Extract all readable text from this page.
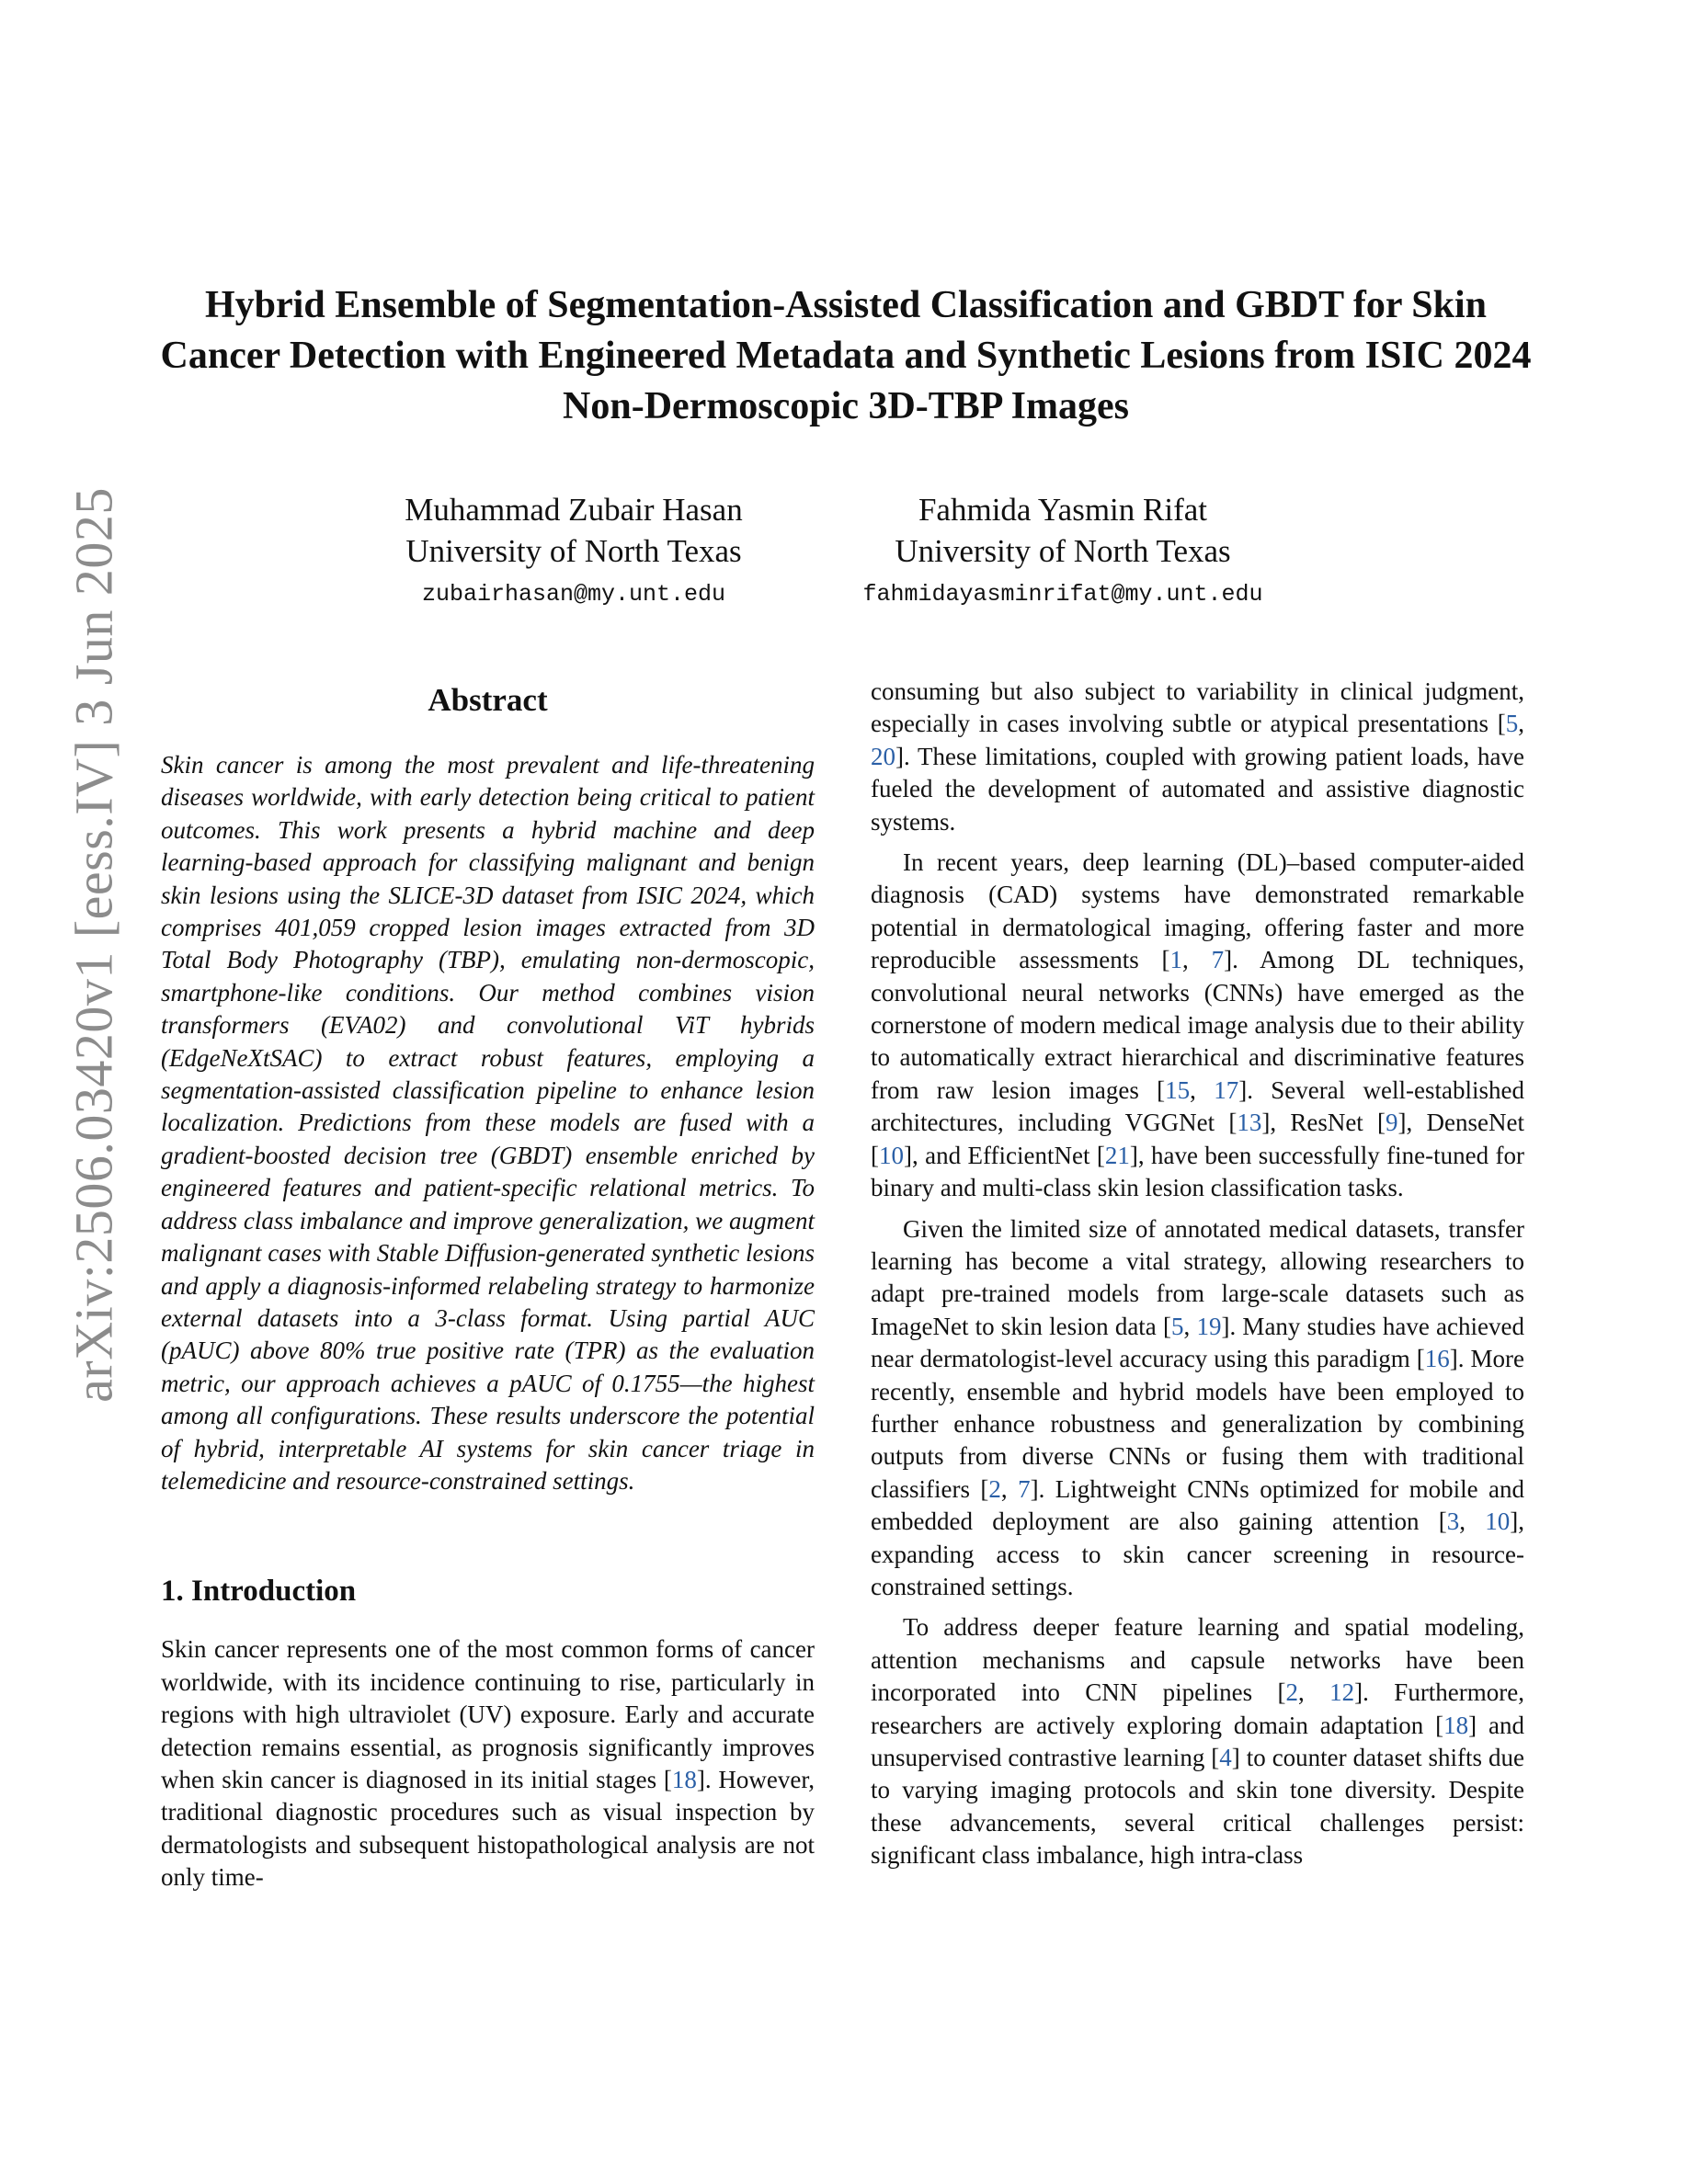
arXiv:2506.03420v1 [eess.IV] 3 Jun 2025
Hybrid Ensemble of Segmentation-Assisted Classification and GBDT for Skin Cancer Detection with Engineered Metadata and Synthetic Lesions from ISIC 2024 Non-Dermoscopic 3D-TBP Images
Muhammad Zubair Hasan
University of North Texas
zubairhasan@my.unt.edu
Fahmida Yasmin Rifat
University of North Texas
fahmidayasminrifat@my.unt.edu
Abstract

Skin cancer is among the most prevalent and life-threatening diseases worldwide, with early detection being critical to patient outcomes. This work presents a hybrid machine and deep learning-based approach for classifying malignant and benign skin lesions using the SLICE-3D dataset from ISIC 2024, which comprises 401,059 cropped lesion images extracted from 3D Total Body Photography (TBP), emulating non-dermoscopic, smartphone-like conditions. Our method combines vision transformers (EVA02) and convolutional ViT hybrids (EdgeNeXtSAC) to extract robust features, employing a segmentation-assisted classification pipeline to enhance lesion localization. Predictions from these models are fused with a gradient-boosted decision tree (GBDT) ensemble enriched by engineered features and patient-specific relational metrics. To address class imbalance and improve generalization, we augment malignant cases with Stable Diffusion-generated synthetic lesions and apply a diagnosis-informed relabeling strategy to harmonize external datasets into a 3-class format. Using partial AUC (pAUC) above 80% true positive rate (TPR) as the evaluation metric, our approach achieves a pAUC of 0.1755—the highest among all configurations. These results underscore the potential of hybrid, interpretable AI systems for skin cancer triage in telemedicine and resource-constrained settings.

1. Introduction

Skin cancer represents one of the most common forms of cancer worldwide, with its incidence continuing to rise, particularly in regions with high ultraviolet (UV) exposure. Early and accurate detection remains essential, as prognosis significantly improves when skin cancer is diagnosed in its initial stages [18]. However, traditional diagnostic procedures such as visual inspection by dermatologists and subsequent histopathological analysis are not only time-

consuming but also subject to variability in clinical judgment, especially in cases involving subtle or atypical presentations [5, 20]. These limitations, coupled with growing patient loads, have fueled the development of automated and assistive diagnostic systems.

In recent years, deep learning (DL)–based computer-aided diagnosis (CAD) systems have demonstrated remarkable potential in dermatological imaging, offering faster and more reproducible assessments [1, 7]. Among DL techniques, convolutional neural networks (CNNs) have emerged as the cornerstone of modern medical image analysis due to their ability to automatically extract hierarchical and discriminative features from raw lesion images [15, 17]. Several well-established architectures, including VGGNet [13], ResNet [9], DenseNet [10], and EfficientNet [21], have been successfully fine-tuned for binary and multi-class skin lesion classification tasks.

Given the limited size of annotated medical datasets, transfer learning has become a vital strategy, allowing researchers to adapt pre-trained models from large-scale datasets such as ImageNet to skin lesion data [5, 19]. Many studies have achieved near dermatologist-level accuracy using this paradigm [16]. More recently, ensemble and hybrid models have been employed to further enhance robustness and generalization by combining outputs from diverse CNNs or fusing them with traditional classifiers [2, 7]. Lightweight CNNs optimized for mobile and embedded deployment are also gaining attention [3, 10], expanding access to skin cancer screening in resource-constrained settings.

To address deeper feature learning and spatial modeling, attention mechanisms and capsule networks have been incorporated into CNN pipelines [2, 12]. Furthermore, researchers are actively exploring domain adaptation [18] and unsupervised contrastive learning [4] to counter dataset shifts due to varying imaging protocols and skin tone diversity. Despite these advancements, several critical challenges persist: significant class imbalance, high intra-class
